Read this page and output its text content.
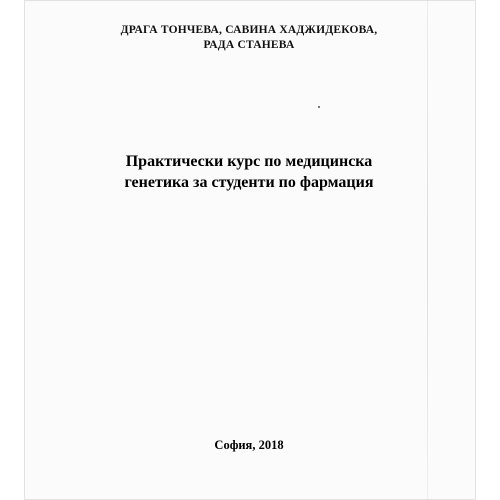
ДРАГА ТОНЧЕВА, САВИНА ХАДЖИДЕКОВА,
РАДА СТАНЕВА
Практически курс по медицинска
генетика за студенти по фармация
София, 2018
